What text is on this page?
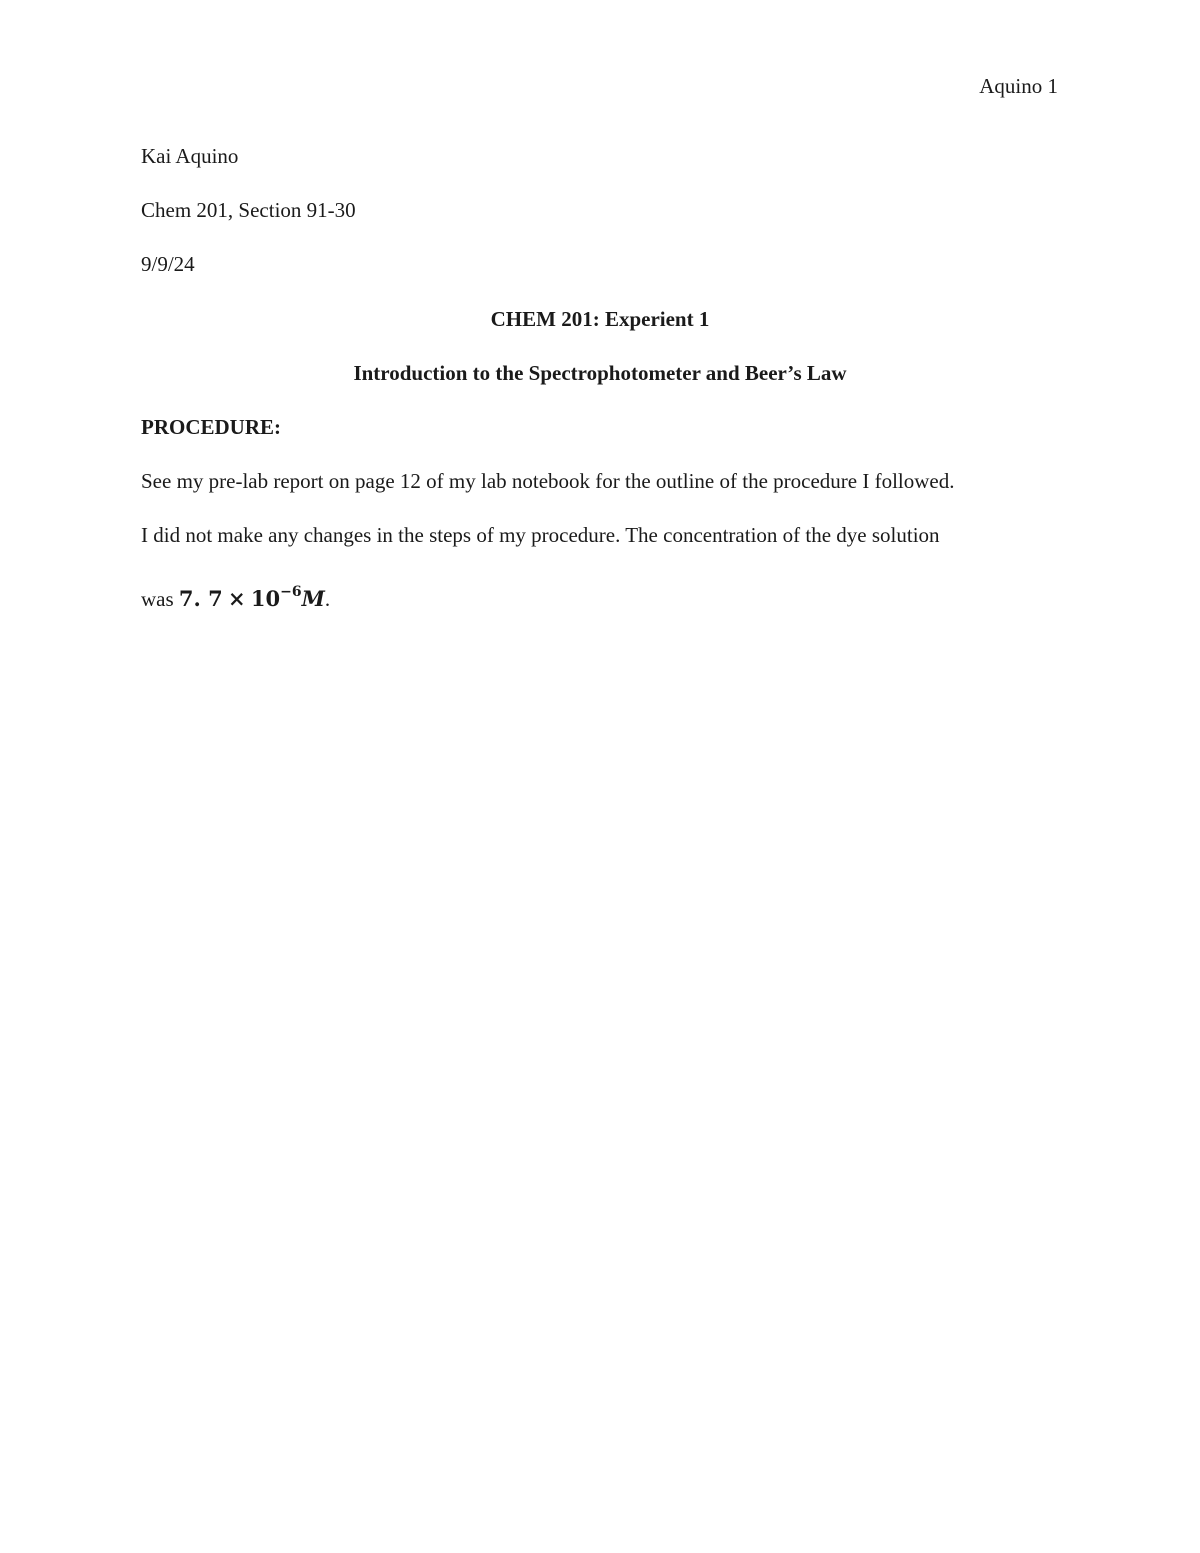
Aquino 1
Kai Aquino
Chem 201, Section 91-30
9/9/24
CHEM 201: Experient 1
Introduction to the Spectrophotometer and Beer’s Law
PROCEDURE:
See my pre-lab report on page 12 of my lab notebook for the outline of the procedure I followed.
I did not make any changes in the steps of my procedure. The concentration of the dye solution
was 7. $7 \times 10^{-6}M$.
